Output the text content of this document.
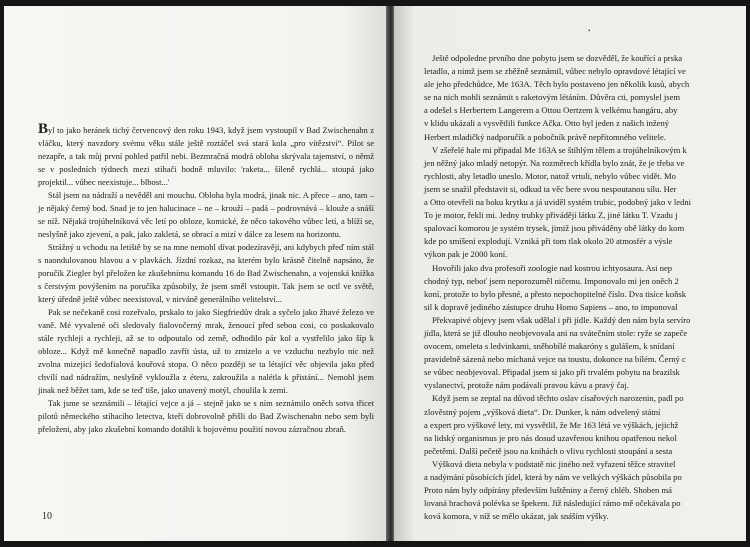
Byl to jako beránek tichý červencový den roku 1943, když jsem vystoupil v Bad Zwischenahn z vláčku, který navzdory svému věku stále ještě roztáčel svá stará kola „pro vítězství“. Pilot se nezapře, a tak můj první pohled patřil nebi. Bezmračná modrá obloha skrývala tajemství, o němž se v posledních týdnech mezi stíhači hodně mluvilo: 'raketa... šíleně rychlá... stoupá jako projektil... vůbec neexistuje... blbost...'

Stál jsem na nádraží a nevěděl ani mouchu. Obloha byla modrá, jinak nic. A přece – ano, tam – je nějaký černý bod. Snad je to jen halucinace – ne – krouží – padá – podrovnává – klouže a snáší se níž. Nějaká trojúhelníková věc letí po obloze, komické, že něco takového vůbec letí, a blíží se, neslyšně jako zjevení, a pak, jako zakletá, se obrací a mizí v dálce za lesem na horizontu.

Strážný u vchodu na letiště by se na mne nemohl dívat podezíravěji, ani kdybych přeď ním stál s naondulovanou hlavou a v plavkách. Jízdní rozkaz, na kterém bylo krásně čitelně napsáno, že poručík Ziegler byl přeložen ke zkušebnímu komandu 16 do Bad Zwischenahn, a vojenská knížka s čerstvým povýšením na poručíka způsobily, že jsem směl vstoupit. Tak jsem se octl ve světě, který úředně ještě vůbec neexistoval, v nirváně generálního velitelství...

Pak se nečekaně cosi rozeřvalo, prskalo to jako Siegfriedův drak a syčelo jako žhavé železo ve vaně. Mé vyvalené oči sledovaly fialovočerný mrak, ženoucí před sebou cosi, co poskakovalo stále rychleji a rychleji, až se to odpoutalo od země, odhodilo pár kol a vystřelilo jako šíp k obloze... Když mě konečně napadlo zavřít ústa, už to zmizelo a ve vzduchu nezbylo nic než zvolna mizející šedofialová kouřová stopa. O něco později se ta létající věc objevila jako před chvílí nad nádražím, neslyšně vykloužla z éteru, zakroužila a nalétla k přistání... Nemohl jsem jinak než běžet tam, kde se teď tiše, jako unavený motýl, choulila k zemi.

Tak jsme se seznámili – létající vejce a já – stejně jako se s ním seznámilo oněch sotva třicet pilotů německého stíhacího letectva, kteří dobrovolně přišli do Bad Zwischenahn nebo sem byli přeloženi, aby jako zkušební komando dotáhli k bojovému použití novou zázračnou zbraň.

10
Ještě odpoledne prvního dne pobytu jsem se dozvěděl, že kouřící a prska
letadlo, a nimž jsem se zběžně seznámil, vůbec nebylo opravdové létající ve
ale jeho předchůdce, Me 163A. Těch bylo postaveno jen několik kusů, abych
se na nich mohli seznámit s raketovým létáním. Důvěra cti, pomyslel jsem
a odešel s Herbertem Langerem a Ottou Oertzem k velkému hangáru, aby
v klidu ukázali a vysvětlili funkce Ačka. Otto byl jeden z našich inžený
Herbert mladičký nadporučík a pobočník právě nepřítomného velitele.
V zšeřelé hale mi připadal Me 163A se štíhlým tělem a trojúhelníkovým k
jen něžný jako mladý netopýr. Na rozměrech křídla bylo znát, že je třeba ve
rychlosti, aby letadlo uneslo. Motor, natož vrtuli, nebylo vůbec vidět. Mo
jsem se snažil představit si, odkud ta věc bere svou nespoutanou sílu. Her
a Otto otevřeli na boku krytku a já uviděl systém trubic, podobný jako v ledni
To je motor, řekli mi. Jedny trubky přivádějí látku Z, jiné látku T. Vzadu j
spalovací komorou je systém trysek, jimiž jsou přiváděny obě látky do kom
kde po smíšení explodují. Vzniká při tom tlak okolo 20 atmosfér a výsle
výkon pak je 2000 koní.
Hovořili jako dva profesoři zoologie nad kostrou ichtyosaura. Asi nep
chodný typ, neboť jsem neporozuměl ničemu. Imponovalo mi jen oněch 2
koní, protože to bylo přesné, a přesto nepochopitelné číslo. Dva tisíce koňsk
sil k dopravě jediného zástupce druhu Homo Sapiens – ano, to imponoval
Překvapivé objevy jsem však udělal i při jídle. Každý den nám byla servíro
jídla, která se již dlouho neobjevovala ani na svátečním stole: ryže se zapeče
ovocem, omeleta s ledvinkami, sněhobílé makaróny s gulášem, k snídaní
pravidelně sázená nebo míchaná vejce na toustu, dokonce na bílém. Černý c
se vůbec neobjevoval. Připadal jsem si jako při trvalém pobytu na brazilsk
vyslanectví, protože nám podávali pravou kávu a pravý čaj.
Když jsem se zeptal na důvod těchto oslav císařových narozenin, padl po
zlověstný pojem „výšková dieta“. Dr. Dunker, k nám odvelený státní
a expert pro výškové lety, mi vysvětlil, že Me 163 létá ve výškách, jejichž
na lidský organismus je pro nás dosud uzavřenou knihou opatřenou nekol
pečetěmi. Další pečetě jsou na knihách o vlivu rychlosti stoupání a sesta
Výšková dieta nebyla v podstatě nic jiného než vyřazení těžce stravitel
a nadýmání působících jídel, která by nám ve velkých výškách působila po
Proto nám byly odpírány především luštěniny a černý chléb. Shoben má
lovaná hrachová polévka se špekem. Již následující rámo mě očekávala po
ková komora, v níž se mělo ukázat, jak snáším výšky.
•
